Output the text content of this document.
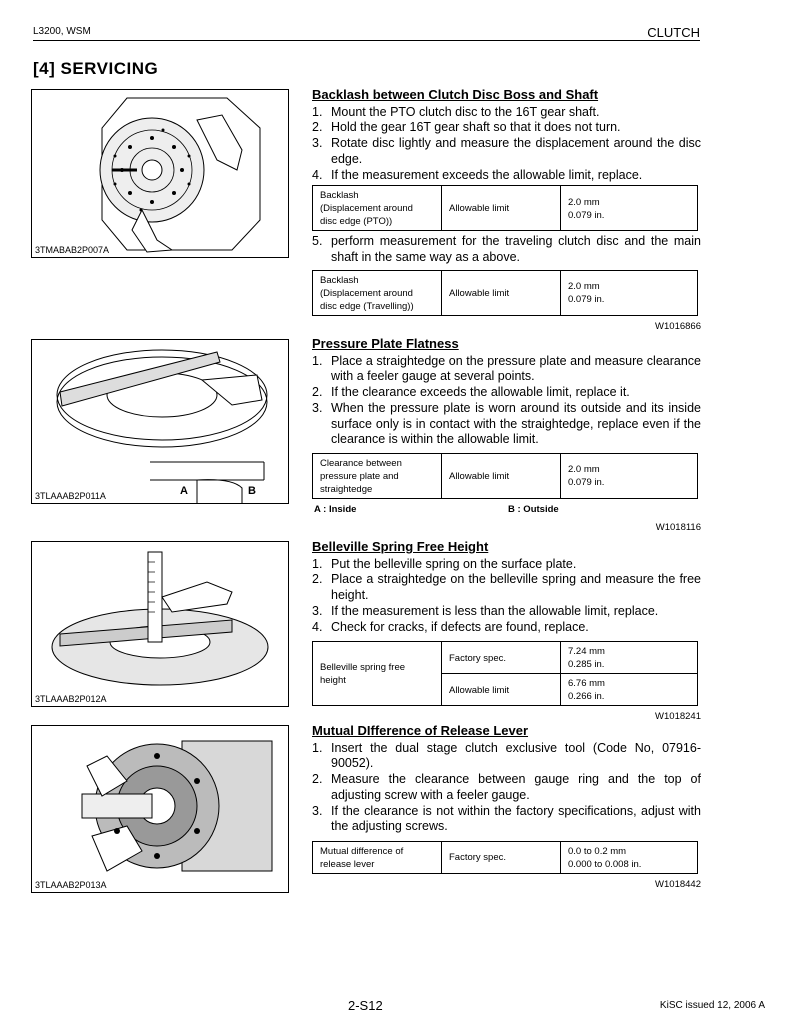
L3200, WSM	CLUTCH
[4] SERVICING
3TMABAB2P007A
A	B
3TLAAAB2P011A
3TLAAAB2P012A
3TLAAAB2P013A
Backlash between Clutch Disc Boss and Shaft
1. Mount the PTO clutch disc to the 16T gear shaft.
2. Hold the gear 16T gear shaft so that it does not turn.
3. Rotate disc lightly and measure the displacement around the disc edge.
4. If the measurement exceeds the allowable limit, replace.
Backlash
(Displacement around
disc edge (PTO))	Allowable limit	2.0 mm
0.079 in.
5. perform measurement for the traveling clutch disc and the main shaft in the same way as a above.
Backlash
(Displacement around
disc edge (Travelling))	Allowable limit	2.0 mm
0.079 in.
W1016866
Pressure Plate Flatness
1. Place a straightedge on the pressure plate and measure clearance with a feeler gauge at several points.
2. If the clearance exceeds the allowable limit, replace it.
3. When the pressure plate is worn around its outside and its inside surface only is in contact with the straightedge, replace even if the clearance is within the allowable limit.
Clearance between
pressure plate and
straightedge	Allowable limit	2.0 mm
0.079 in.
A : Inside	B : Outside
W1018116
Belleville Spring Free Height
1. Put the belleville spring on the surface plate.
2. Place a straightedge on the belleville spring and measure the free height.
3. If the measurement is less than the allowable limit, replace.
4. Check for cracks, if defects are found, replace.
Belleville spring free
height	Factory spec.	7.24 mm
0.285 in.
	Allowable limit	6.76 mm
0.266 in.
W1018241
Mutual DIfference of Release Lever
1. Insert the dual stage clutch exclusive tool (Code No, 07916-90052).
2. Measure the clearance between gauge ring and the top of adjusting screw with a feeler gauge.
3. If the clearance is not within the factory specifications, adjust with the adjusting screws.
Mutual difference of
release lever	Factory spec.	0.0 to 0.2 mm
0.000 to 0.008 in.
W1018442
2-S12	KiSC issued 12, 2006 A
